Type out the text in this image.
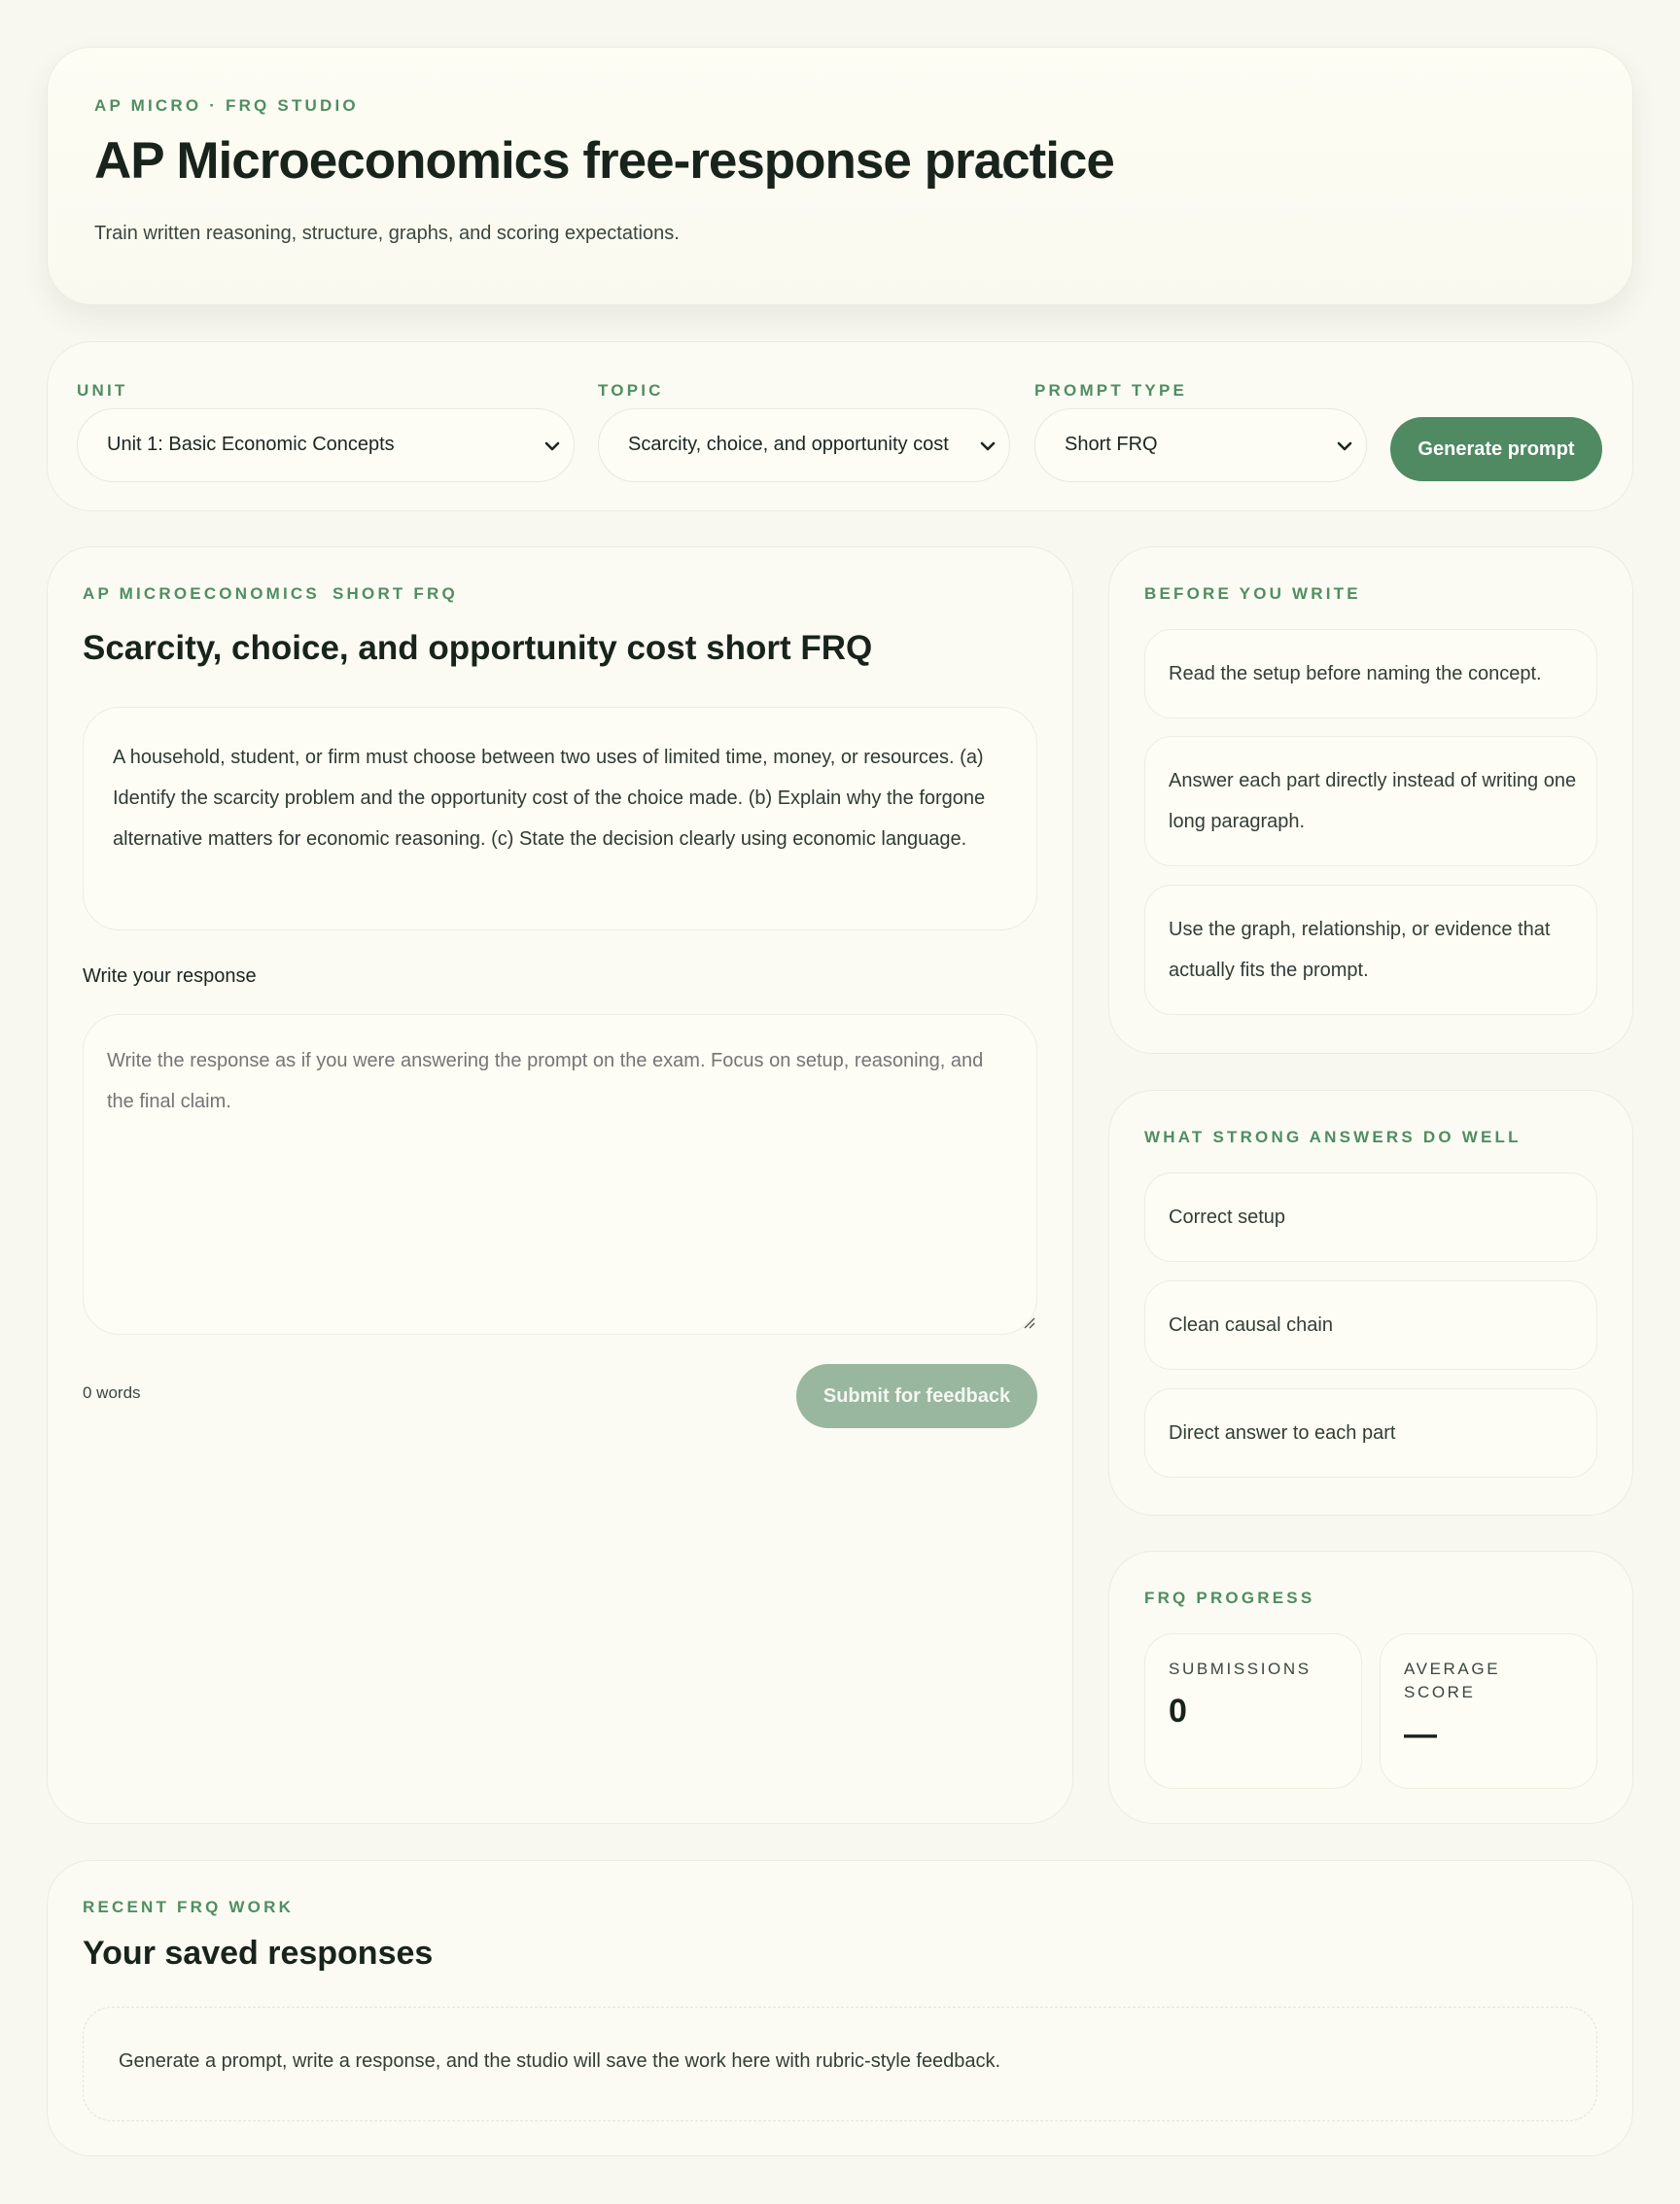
AP MICRO · FRQ STUDIO
AP Microeconomics free-response practice

Train written reasoning, structure, graphs, and scoring expectations.

UNIT
Unit 1: Basic Economic Concepts
TOPIC
Scarcity, choice, and opportunity cost
PROMPT TYPE
Short FRQ	Generate prompt
AP MICROECONOMICS SHORT FRQ
Scarcity, choice, and opportunity cost short FRQ
A household, student, or firm must choose between two uses of limited time, money, or resources. (a) Identify the scarcity problem and the opportunity cost of the choice made. (b) Explain why the forgone alternative matters for economic reasoning. (c) State the decision clearly using economic language.
Write your response
Write the response as if you were answering the prompt on the exam. Focus on setup, reasoning, and the final claim.
0 words	Submit for feedback
BEFORE YOU WRITE
Read the setup before naming the concept.
Answer each part directly instead of writing one long paragraph.
Use the graph, relationship, or evidence that actually fits the prompt.
WHAT STRONG ANSWERS DO WELL
Correct setup
Clean causal chain
Direct answer to each part
FRQ PROGRESS
SUBMISSIONS
0
AVERAGE SCORE
—
RECENT FRQ WORK
Your saved responses
Generate a prompt, write a response, and the studio will save the work here with rubric-style feedback.
